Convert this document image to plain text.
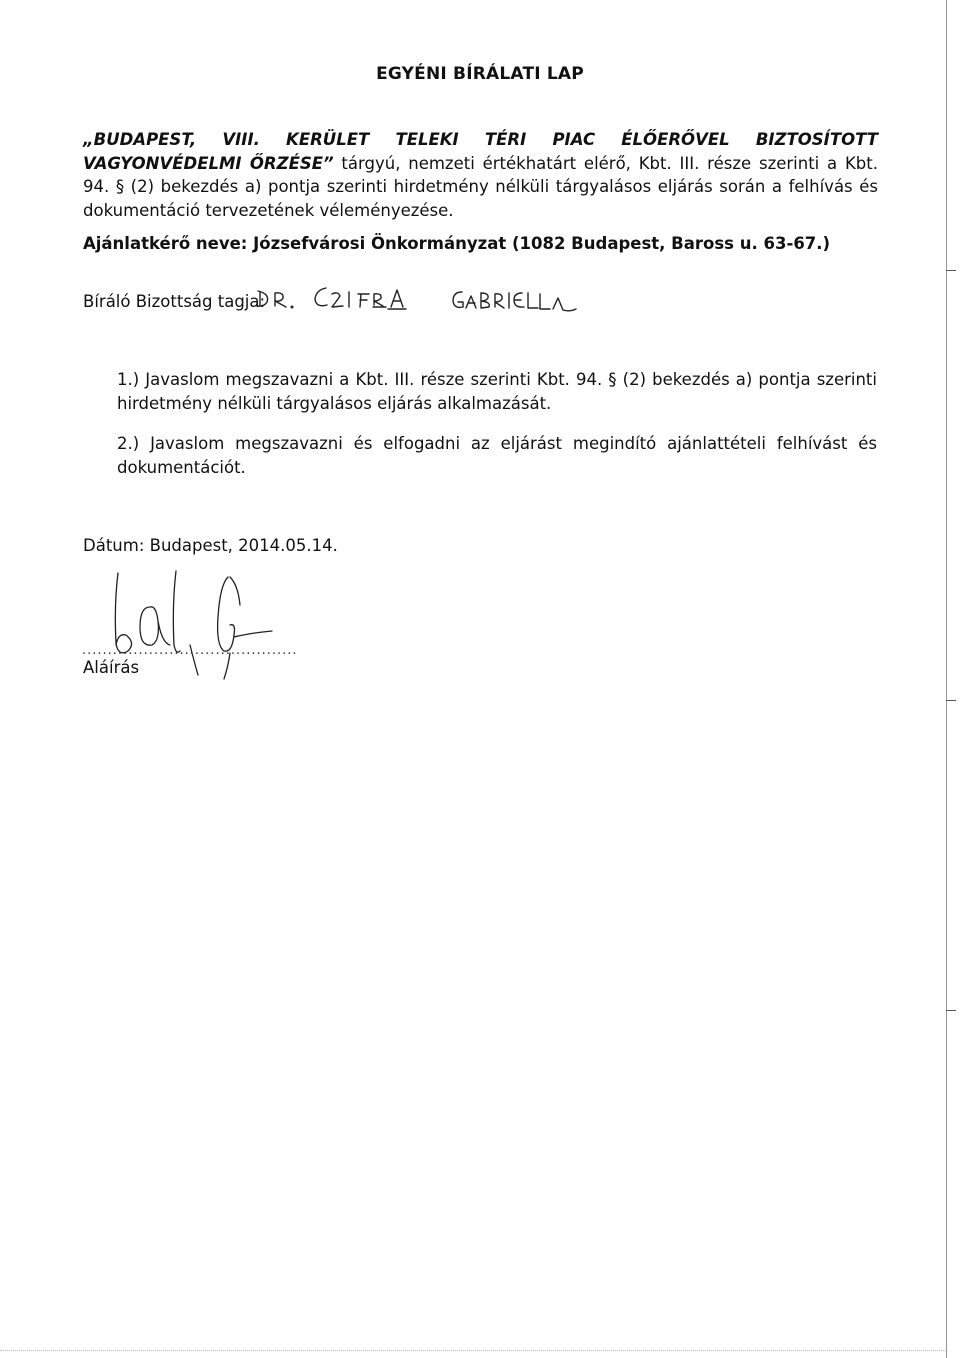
EGYÉNI BÍRÁLATI LAP
„BUDAPEST, VIII. KERÜLET TELEKI TÉRI PIAC ÉLŐERŐVEL BIZTOSÍTOTT VAGYONVÉDELMI ŐRZÉSE” tárgyú, nemzeti értékhatárt elérő, Kbt. III. része szerinti a Kbt. 94. § (2) bekezdés a) pontja szerinti hirdetmény nélküli tárgyalásos eljárás során a felhívás és dokumentáció tervezetének véleményezése.
Ajánlatkérő neve: Józsefvárosi Önkormányzat (1082 Budapest, Baross u. 63-67.)
Bíráló Bizottság tagja:
1.) Javaslom megszavazni a Kbt. III. része szerinti Kbt. 94. § (2) bekezdés a) pontja szerinti hirdetmény nélküli tárgyalásos eljárás alkalmazását.
2.) Javaslom megszavazni és elfogadni az eljárást megindító ajánlattételi felhívást és dokumentációt.
Dátum: Budapest, 2014.05.14.
..........................................
Aláírás
